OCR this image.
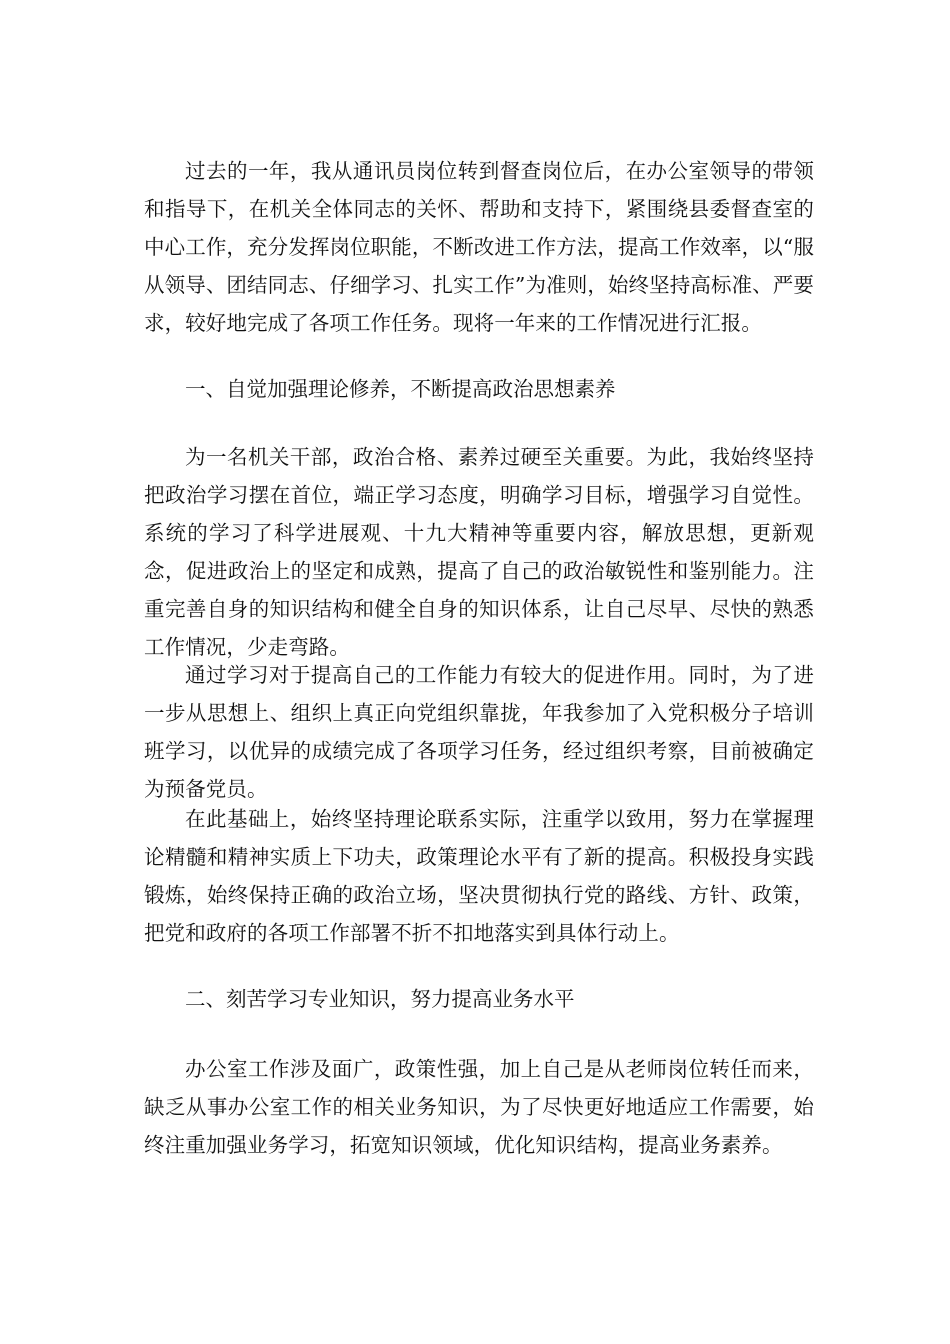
过去的一年，我从通讯员岗位转到督查岗位后，在办公室领导的带领和指导下，在机关全体同志的关怀、帮助和支持下，紧围绕县委督查室的中心工作，充分发挥岗位职能，不断改进工作方法，提高工作效率，以“服从领导、团结同志、仔细学习、扎实工作”为准则，始终坚持高标准、严要求，较好地完成了各项工作任务。现将一年来的工作情况进行汇报。

一、自觉加强理论修养，不断提高政治思想素养

为一名机关干部，政治合格、素养过硬至关重要。为此，我始终坚持把政治学习摆在首位，端正学习态度，明确学习目标，增强学习自觉性。系统的学习了科学进展观、十九大精神等重要内容，解放思想，更新观念，促进政治上的坚定和成熟，提高了自己的政治敏锐性和鉴别能力。注重完善自身的知识结构和健全自身的知识体系，让自己尽早、尽快的熟悉工作情况，少走弯路。

通过学习对于提高自己的工作能力有较大的促进作用。同时，为了进一步从思想上、组织上真正向党组织靠拢，年我参加了入党积极分子培训班学习，以优异的成绩完成了各项学习任务，经过组织考察，目前被确定为预备党员。

在此基础上，始终坚持理论联系实际，注重学以致用，努力在掌握理论精髓和精神实质上下功夫，政策理论水平有了新的提高。积极投身实践锻炼，始终保持正确的政治立场，坚决贯彻执行党的路线、方针、政策，把党和政府的各项工作部署不折不扣地落实到具体行动上。

二、刻苦学习专业知识，努力提高业务水平

办公室工作涉及面广，政策性强，加上自己是从老师岗位转任而来，缺乏从事办公室工作的相关业务知识，为了尽快更好地适应工作需要，始终注重加强业务学习，拓宽知识领域，优化知识结构，提高业务素养。
